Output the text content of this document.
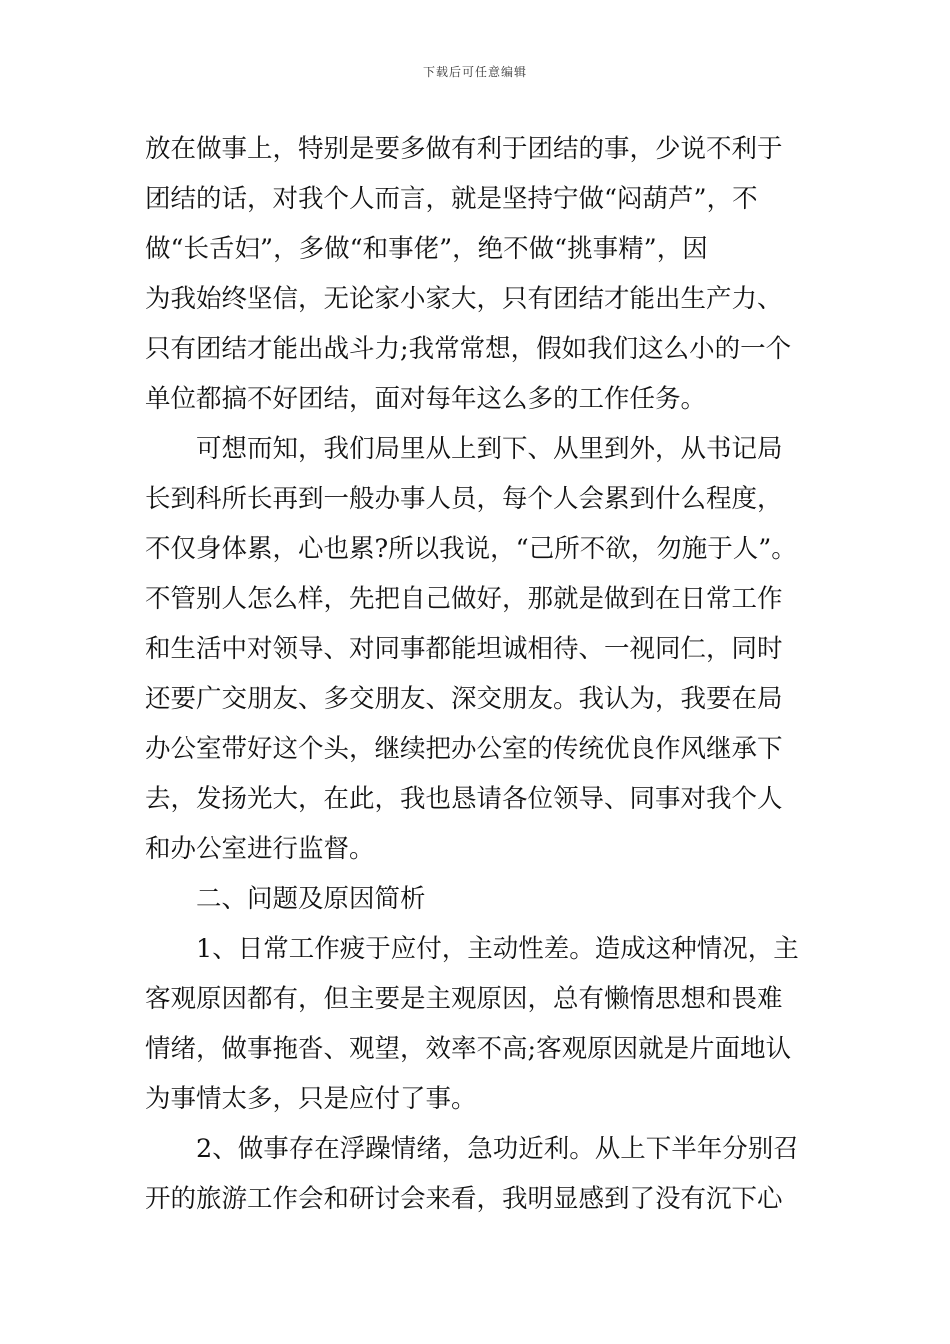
下载后可任意编辑
放在做事上，特别是要多做有利于团结的事，少说不利于
团结的话，对我个人而言，就是坚持宁做“闷葫芦”，不
做“长舌妇”，多做“和事佬”，绝不做“挑事精”，因
为我始终坚信，无论家小家大，只有团结才能出生产力、
只有团结才能出战斗力;我常常想，假如我们这么小的一个
单位都搞不好团结，面对每年这么多的工作任务。
　　可想而知，我们局里从上到下、从里到外，从书记局
长到科所长再到一般办事人员，每个人会累到什么程度，
不仅身体累，心也累?所以我说，“己所不欲，勿施于人”。
不管别人怎么样，先把自己做好，那就是做到在日常工作
和生活中对领导、对同事都能坦诚相待、一视同仁，同时
还要广交朋友、多交朋友、深交朋友。我认为，我要在局
办公室带好这个头，继续把办公室的传统优良作风继承下
去，发扬光大，在此，我也恳请各位领导、同事对我个人
和办公室进行监督。
　　二、问题及原因简析
　　1、日常工作疲于应付，主动性差。造成这种情况，主
客观原因都有，但主要是主观原因，总有懒惰思想和畏难
情绪，做事拖沓、观望，效率不高;客观原因就是片面地认
为事情太多，只是应付了事。
　　2、做事存在浮躁情绪，急功近利。从上下半年分别召
开的旅游工作会和研讨会来看，我明显感到了没有沉下心
